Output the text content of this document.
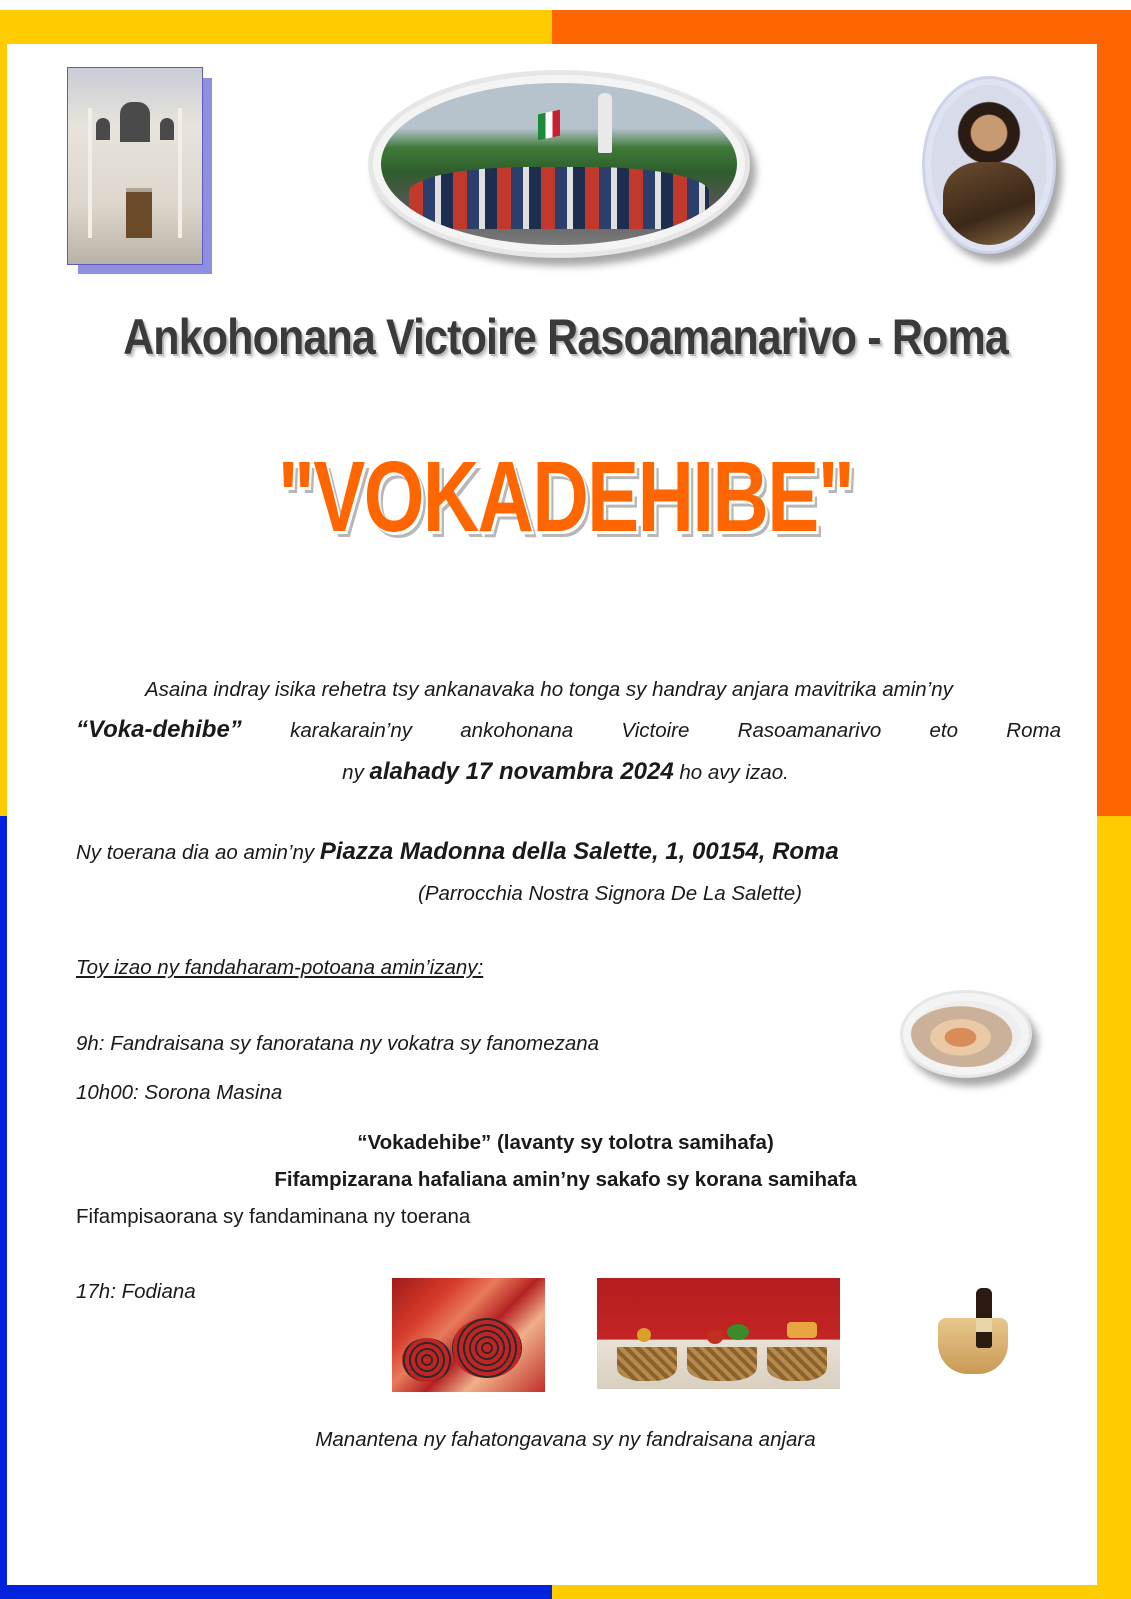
Ankohonana Victoire Rasoamanarivo - Roma
"VOKADEHIBE"
Asaina indray isika rehetra tsy ankanavaka ho tonga sy handray anjara mavitrika amin’ny
“Voka-dehibe” karakarain’ny ankohonana Victoire Rasoamanarivo eto Roma
ny alahady 17 novambra 2024 ho avy izao.
Ny toerana dia ao amin’ny Piazza Madonna della Salette, 1, 00154, Roma
(Parrocchia Nostra Signora De La Salette)
Toy izao ny fandaharam-potoana amin’izany:
9h: Fandraisana sy fanoratana ny vokatra sy fanomezana
10h00: Sorona Masina
“Vokadehibe” (lavanty sy tolotra samihafa)
Fifampizarana hafaliana amin’ny sakafo sy korana samihafa
Fifampisaorana sy fandaminana ny toerana
17h: Fodiana
Manantena ny fahatongavana sy ny fandraisana anjara
